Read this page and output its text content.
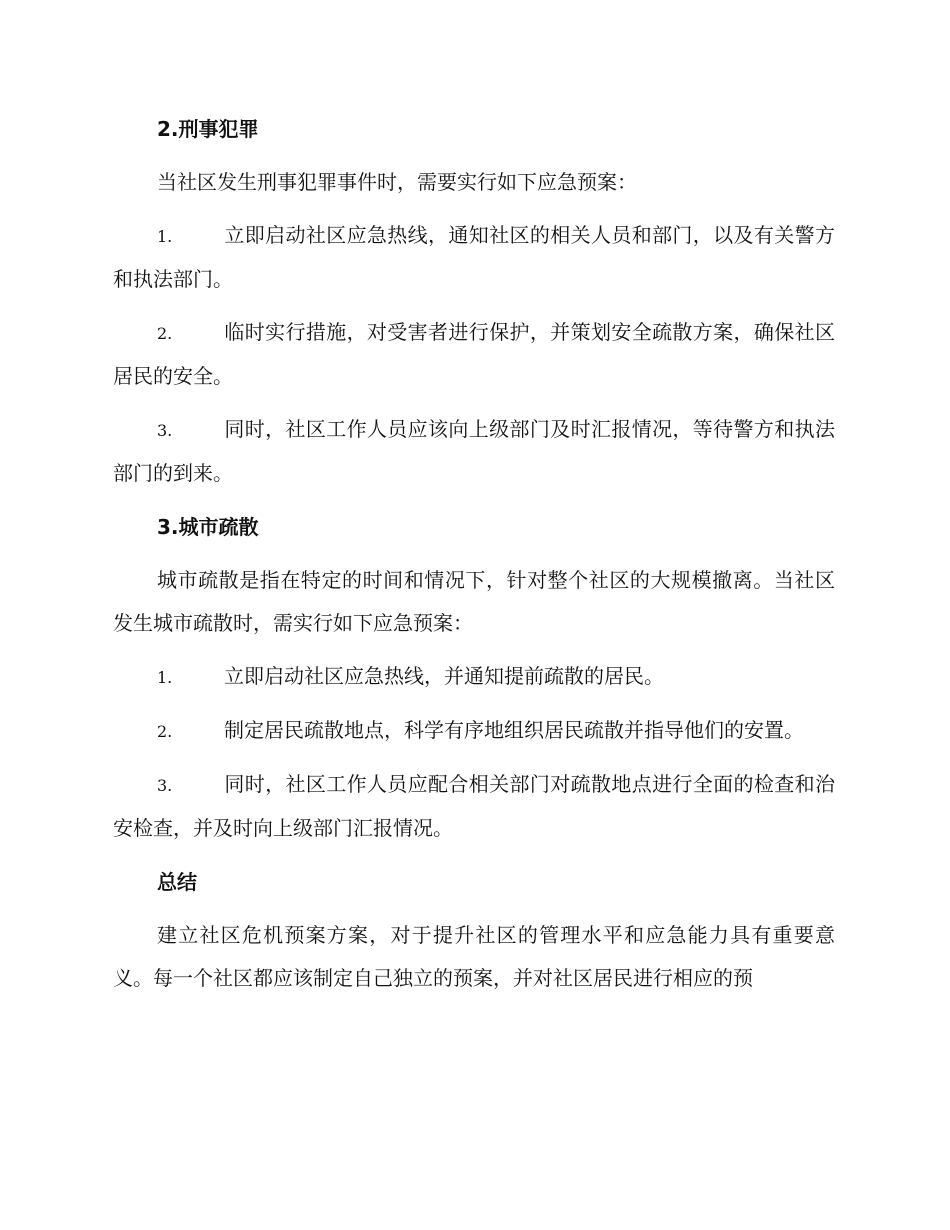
2.刑事犯罪
当社区发生刑事犯罪事件时，需要实行如下应急预案：
1.	立即启动社区应急热线，通知社区的相关人员和部门，以及有关警方和执法部门。
2.	临时实行措施，对受害者进行保护，并策划安全疏散方案，确保社区居民的安全。
3.	同时，社区工作人员应该向上级部门及时汇报情况，等待警方和执法部门的到来。
3.城市疏散
城市疏散是指在特定的时间和情况下，针对整个社区的大规模撤离。当社区发生城市疏散时，需实行如下应急预案：
1.	立即启动社区应急热线，并通知提前疏散的居民。
2.	制定居民疏散地点，科学有序地组织居民疏散并指导他们的安置。
3.	同时，社区工作人员应配合相关部门对疏散地点进行全面的检查和治安检查，并及时向上级部门汇报情况。
总结
建立社区危机预案方案，对于提升社区的管理水平和应急能力具有重要意义。每一个社区都应该制定自己独立的预案，并对社区居民进行相应的预
